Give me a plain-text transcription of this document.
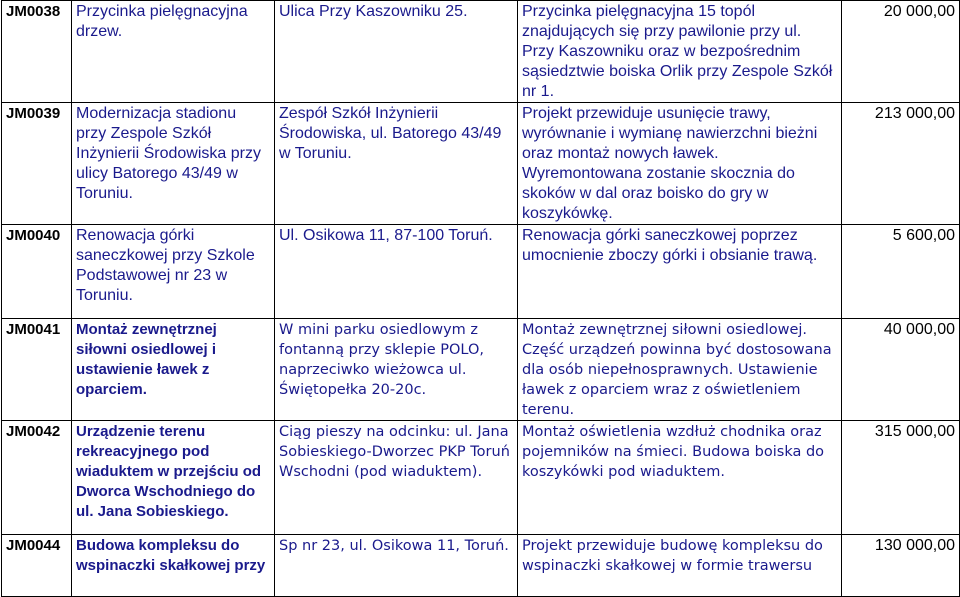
JM0038	Przycinka pielęgnacyjna drzew.	Ulica Przy Kaszowniku 25.	Przycinka pielęgnacyjna 15 topól znajdujących się przy pawilonie przy ul. Przy Kaszowniku oraz w bezpośrednim sąsiedztwie boiska Orlik przy Zespole Szkół nr 1.	20 000,00
JM0039	Modernizacja stadionu przy Zespole Szkół Inżynierii Środowiska przy ulicy Batorego 43/49 w Toruniu.	Zespół Szkół Inżynierii Środowiska, ul. Batorego 43/49 w Toruniu.	Projekt przewiduje usunięcie trawy, wyrównanie i wymianę nawierzchni bieżni oraz montaż nowych ławek. Wyremontowana zostanie skocznia do skoków w dal oraz boisko do gry w koszykówkę.	213 000,00
JM0040	Renowacja górki saneczkowej przy Szkole Podstawowej nr 23 w Toruniu.	Ul. Osikowa 11, 87-100 Toruń.	Renowacja górki saneczkowej poprzez umocnienie zboczy górki i obsianie trawą.	5 600,00
JM0041	Montaż zewnętrznej siłowni osiedlowej i ustawienie ławek z oparciem.	W mini parku osiedlowym z fontanną przy sklepie POLO, naprzeciwko wieżowca ul. Świętopełka 20-20c.	Montaż zewnętrznej siłowni osiedlowej. Część urządzeń powinna być dostosowana dla osób niepełnosprawnych. Ustawienie ławek z oparciem wraz z oświetleniem terenu.	40 000,00
JM0042	Urządzenie terenu rekreacyjnego pod wiaduktem w przejściu od Dworca Wschodniego do ul. Jana Sobieskiego.	Ciąg pieszy na odcinku: ul. Jana Sobieskiego-Dworzec PKP Toruń Wschodni (pod wiaduktem).	Montaż oświetlenia wzdłuż chodnika oraz pojemników na śmieci. Budowa boiska do koszykówki pod wiaduktem.	315 000,00
JM0044	Budowa kompleksu do wspinaczki skałkowej przy	Sp nr 23, ul. Osikowa 11, Toruń.	Projekt przewiduje budowę kompleksu do wspinaczki skałkowej w formie trawersu	130 000,00
